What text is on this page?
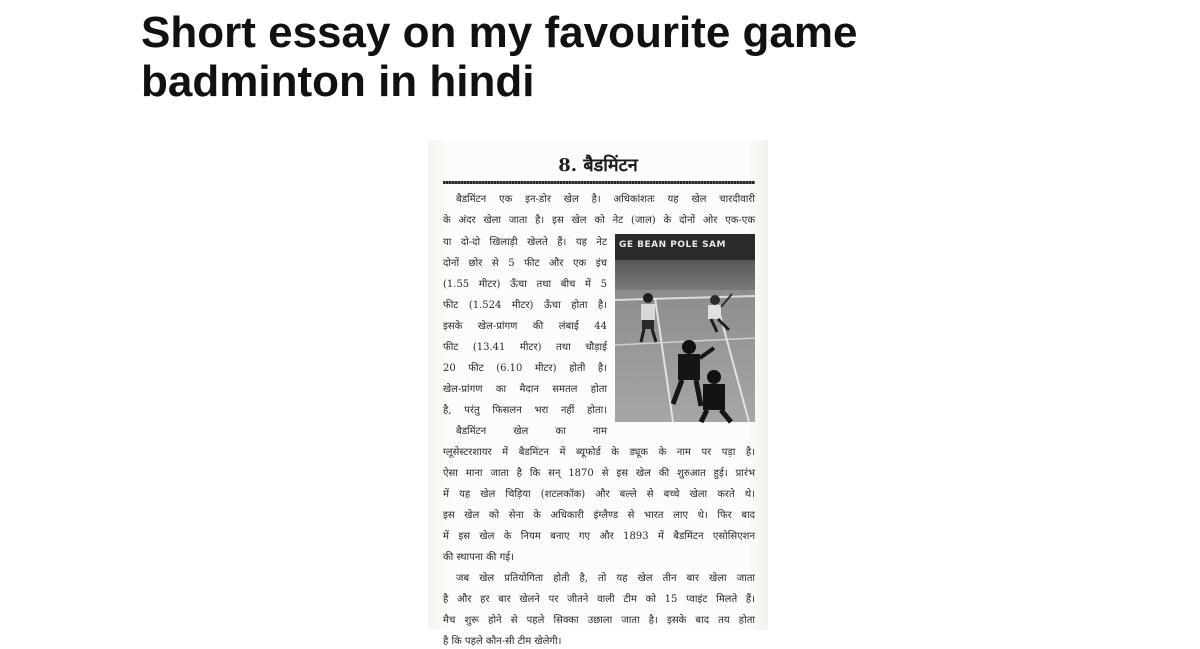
Short essay on my favourite game badminton in hindi
8. बैडमिंटन
बैडमिंटन एक इन-डोर खेल है। अधिकांशतः यह खेल चारदीवारी
के अंदर खेला जाता है। इस खेल को नेट (जाल) के दोनों ओर एक-एक
या दो-दो खिलाड़ी खेलते हैं। यह नेट
दोनों छोर से 5 फीट और एक इंच
(1.55 मीटर) ऊँचा तथा बीच में 5
फीट (1.524 मीटर) ऊँचा होता है।
इसके खेल-प्रांगण की लंबाई 44
फीट (13.41 मीटर) तथा चौड़ाई
20 फीट (6.10 मीटर) होती है।
खेल-प्रांगण का मैदान समतल होता
है, परंतु फिसलन भरा नहीं होता।
बैडमिंटन खेल का नाम
ग्लूसेस्टरशायर में बैडमिंटन में ब्यूफोर्ड के ड्यूक के नाम पर पड़ा है।
ऐसा माना जाता है कि सन् 1870 से इस खेल की शुरुआत हुई। प्रारंभ
में यह खेल चिड़िया (शटलकॉक) और बल्ले से बच्चे खेला करते थे।
इस खेल को सेना के अधिकारी इंग्लैण्ड से भारत लाए थे। फिर बाद
में इस खेल के नियम बनाए गए और 1893 में बैडमिंटन एसोसिएशन
की स्थापना की गई।
जब खेल प्रतियोगिता होती है, तो यह खेल तीन बार खेला जाता
है और हर बार खेलने पर जीतने वाली टीम को 15 प्वाइंट मिलते हैं।
मैच शुरू होने से पहले सिक्का उछाला जाता है। इसके बाद तय होता
है कि पहले कौन-सी टीम खेलेगी।
GE BEAN POLE SAM
